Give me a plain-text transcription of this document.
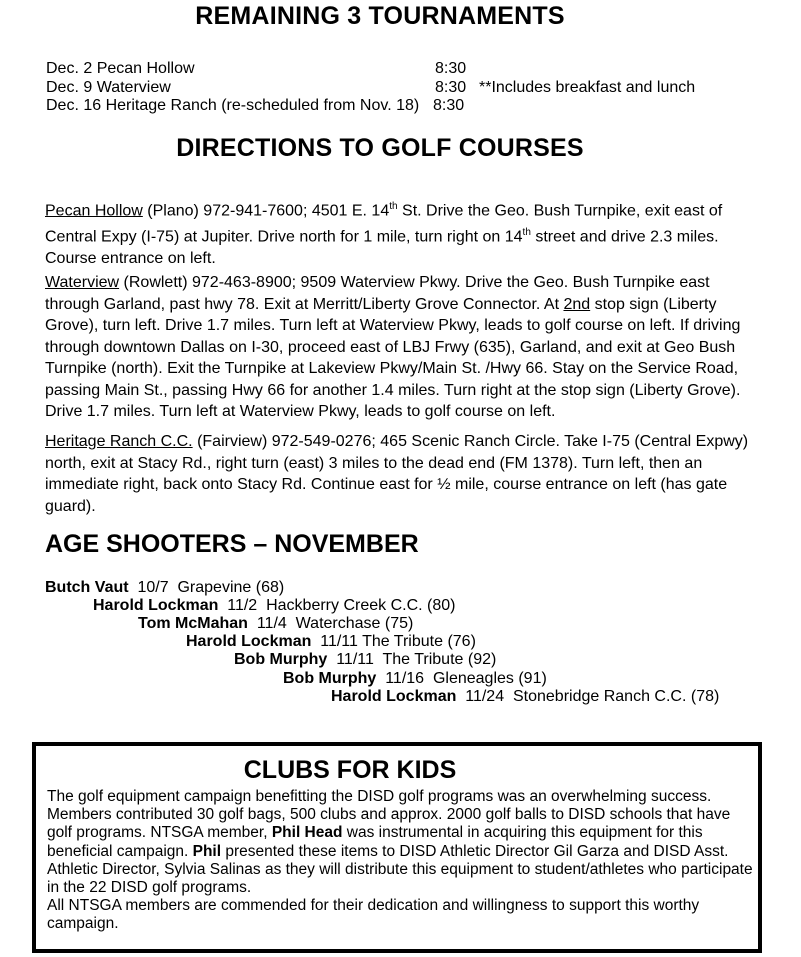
REMAINING 3 TOURNAMENTS
Dec. 2 Pecan Hollow	8:30
Dec. 9 Waterview	8:30 **Includes breakfast and lunch
Dec. 16 Heritage Ranch (re-scheduled from Nov. 18) 8:30
DIRECTIONS TO GOLF COURSES
Pecan Hollow (Plano) 972-941-7600; 4501 E. 14th St. Drive the Geo. Bush Turnpike, exit east of Central Expy (I-75) at Jupiter. Drive north for 1 mile, turn right on 14th street and drive 2.3 miles. Course entrance on left.
Waterview (Rowlett) 972-463-8900; 9509 Waterview Pkwy. Drive the Geo. Bush Turnpike east through Garland, past hwy 78. Exit at Merritt/Liberty Grove Connector. At 2nd stop sign (Liberty Grove), turn left. Drive 1.7 miles. Turn left at Waterview Pkwy, leads to golf course on left. If driving through downtown Dallas on I-30, proceed east of LBJ Frwy (635), Garland, and exit at Geo Bush Turnpike (north). Exit the Turnpike at Lakeview Pkwy/Main St. /Hwy 66. Stay on the Service Road, passing Main St., passing Hwy 66 for another 1.4 miles. Turn right at the stop sign (Liberty Grove). Drive 1.7 miles. Turn left at Waterview Pkwy, leads to golf course on left.
Heritage Ranch C.C. (Fairview) 972-549-0276; 465 Scenic Ranch Circle. Take I-75 (Central Expwy) north, exit at Stacy Rd., right turn (east) 3 miles to the dead end (FM 1378). Turn left, then an immediate right, back onto Stacy Rd. Continue east for ½ mile, course entrance on left (has gate guard).
AGE SHOOTERS – NOVEMBER
Butch Vaut  10/7  Grapevine (68)
Harold Lockman  11/2  Hackberry Creek C.C. (80)
Tom McMahan  11/4  Waterchase (75)
Harold Lockman  11/11 The Tribute (76)
Bob Murphy  11/11  The Tribute (92)
Bob Murphy  11/16  Gleneagles (91)
Harold Lockman  11/24  Stonebridge Ranch C.C. (78)
CLUBS FOR KIDS
The golf equipment campaign benefitting the DISD golf programs was an overwhelming success. Members contributed 30 golf bags, 500 clubs and approx. 2000 golf balls to DISD schools that have golf programs. NTSGA member, Phil Head was instrumental in acquiring this equipment for this beneficial campaign. Phil presented these items to DISD Athletic Director Gil Garza and DISD Asst. Athletic Director, Sylvia Salinas as they will distribute this equipment to student/athletes who participate in the 22 DISD golf programs.
All NTSGA members are commended for their dedication and willingness to support this worthy campaign.
